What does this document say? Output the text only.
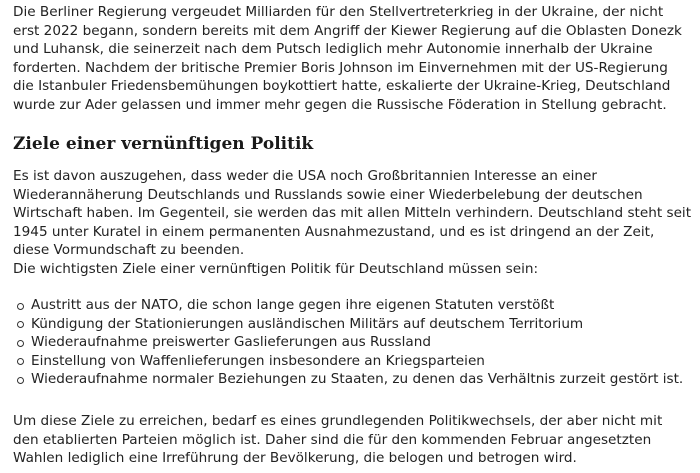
Die Berliner Regierung vergeudet Milliarden für den Stellvertreterkrieg in der Ukraine, der nicht erst 2022 begann, sondern bereits mit dem Angriff der Kiewer Regierung auf die Oblasten Donezk und Luhansk, die seinerzeit nach dem Putsch lediglich mehr Autonomie innerhalb der Ukraine forderten. Nachdem der britische Premier Boris Johnson im Einvernehmen mit der US-Regierung die Istanbuler Friedensbemühungen boykottiert hatte, eskalierte der Ukraine-Krieg, Deutschland wurde zur Ader gelassen und immer mehr gegen die Russische Föderation in Stellung gebracht.

Ziele einer vernünftigen Politik

Es ist davon auszugehen, dass weder die USA noch Großbritannien Interesse an einer Wiederannäherung Deutschlands und Russlands sowie einer Wiederbelebung der deutschen Wirtschaft haben. Im Gegenteil, sie werden das mit allen Mitteln verhindern. Deutschland steht seit 1945 unter Kuratel in einem permanenten Ausnahmezustand, und es ist dringend an der Zeit, diese Vormundschaft zu beenden.

Die wichtigsten Ziele einer vernünftigen Politik für Deutschland müssen sein:

Austritt aus der NATO, die schon lange gegen ihre eigenen Statuten verstößt
Kündigung der Stationierungen ausländischen Militärs auf deutschem Territorium
Wiederaufnahme preiswerter Gaslieferungen aus Russland
Einstellung von Waffenlieferungen insbesondere an Kriegsparteien
Wiederaufnahme normaler Beziehungen zu Staaten, zu denen das Verhältnis zurzeit gestört ist.

Um diese Ziele zu erreichen, bedarf es eines grundlegenden Politikwechsels, der aber nicht mit den etablierten Parteien möglich ist. Daher sind die für den kommenden Februar angesetzten Wahlen lediglich eine Irreführung der Bevölkerung, die belogen und betrogen wird.
